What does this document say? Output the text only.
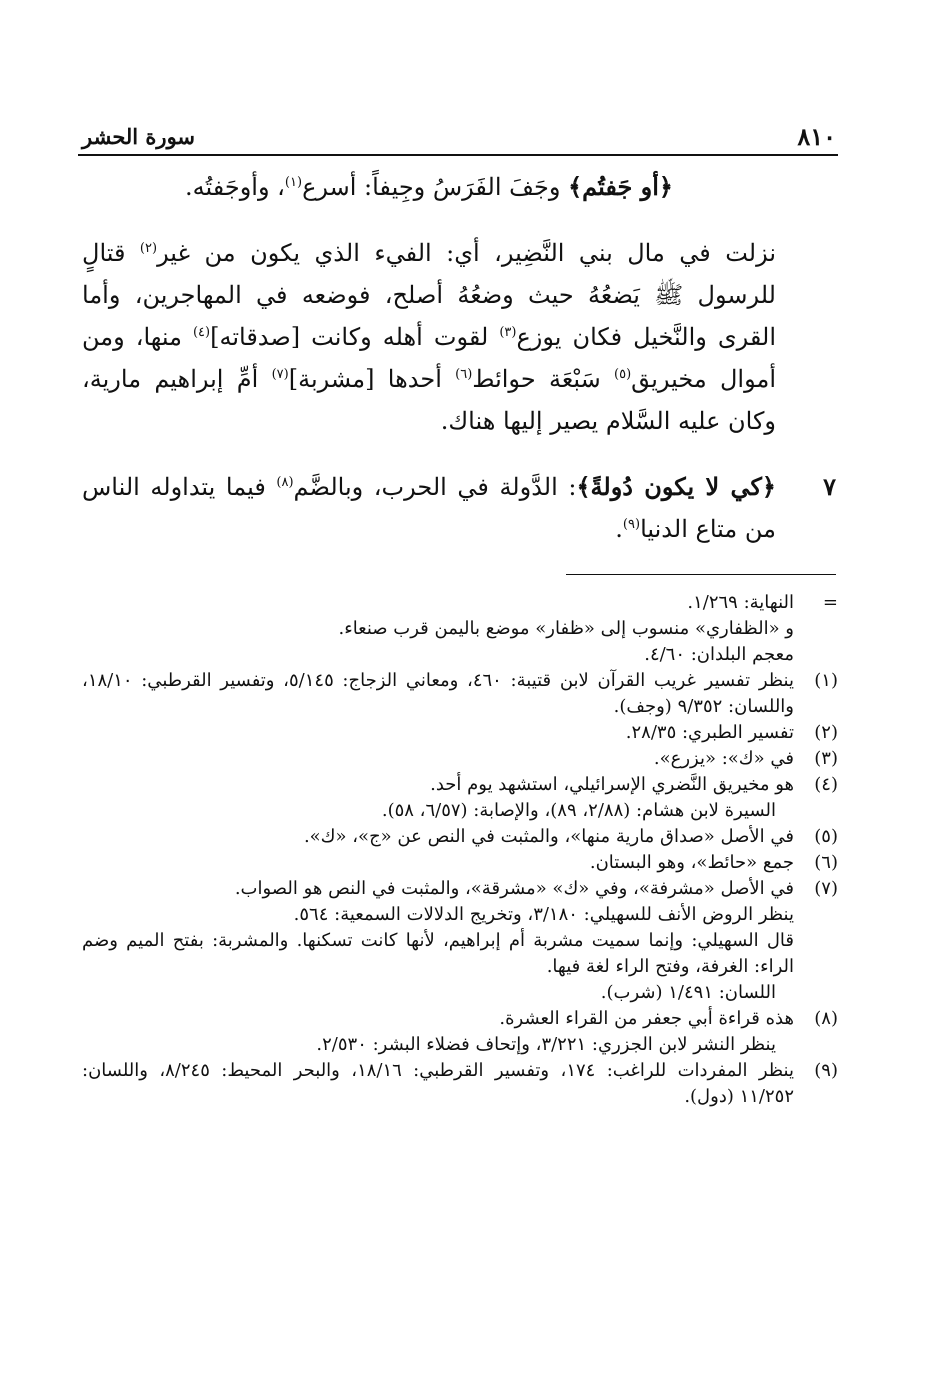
٨١٠
سورة الحشر

﴿أو جَفتُم﴾ وجَفَ الفَرَسُ وجِيفاً: أسرع$^{(١)}$، وأوجَفتُه.

نزلت في مال بني النَّضِير، أي: الفيء الذي يكون من غير$^{(٢)}$ قتالٍ للرسول ﷺ يَضعُهُ حيث وضعُهُ أصلح، فوضعه في المهاجرين، وأما القرى والنَّخيل فكان يوزع$^{(٣)}$ لقوت أهله وكانت [صدقاته]$^{(٤)}$ منها، ومن أموال مخيريق$^{(٥)}$ سَبْعَة حوائط$^{(٦)}$ أحدها [مشربة]$^{(٧)}$ أمِّ إبراهيم مارية، وكان عليه السَّلام يصير إليها هناك.

٧

﴿كي لا يكون دُولةً﴾: الدَّولة في الحرب، وبالضَّم$^{(٨)}$ فيما يتداوله الناس من متاع الدنيا$^{(٩)}$.

=
النهاية: ١/٢٦٩.
و «الظفاري» منسوب إلى «ظفار» موضع باليمن قرب صنعاء.
معجم البلدان: ٤/٦٠.
(١)
ينظر تفسير غريب القرآن لابن قتيبة: ٤٦٠، ومعاني الزجاج: ٥/١٤٥، وتفسير القرطبي: ١٨/١٠، واللسان: ٩/٣٥٢ (وجف).
(٢)
تفسير الطبري: ٢٨/٣٥.
(٣)
في «ك»: «يزرع».
(٤)
هو مخيريق النَّضري الإسرائيلي، استشهد يوم أحد.
السيرة لابن هشام: (٢/٨٨، ٨٩)، والإصابة: (٦/٥٧، ٥٨).
(٥)
في الأصل «صداق مارية منها»، والمثبت في النص عن «ج»، «ك».
(٦)
جمع «حائط»، وهو البستان.
(٧)
في الأصل «مشرفة»، وفي «ك» «مشرقة»، والمثبت في النص هو الصواب.
ينظر الروض الأنف للسهيلي: ٣/١٨٠، وتخريج الدلالات السمعية: ٥٦٤.
قال السهيلي: وإنما سميت مشربة أم إبراهيم، لأنها كانت تسكنها. والمشربة: بفتح الميم وضم الراء: الغرفة، وفتح الراء لغة فيها.
اللسان: ١/٤٩١ (شرب).
(٨)
هذه قراءة أبي جعفر من القراء العشرة.
ينظر النشر لابن الجزري: ٣/٢٢١، وإتحاف فضلاء البشر: ٢/٥٣٠.
(٩)
ينظر المفردات للراغب: ١٧٤، وتفسير القرطبي: ١٨/١٦، والبحر المحيط: ٨/٢٤٥، واللسان: ١١/٢٥٢ (دول).
